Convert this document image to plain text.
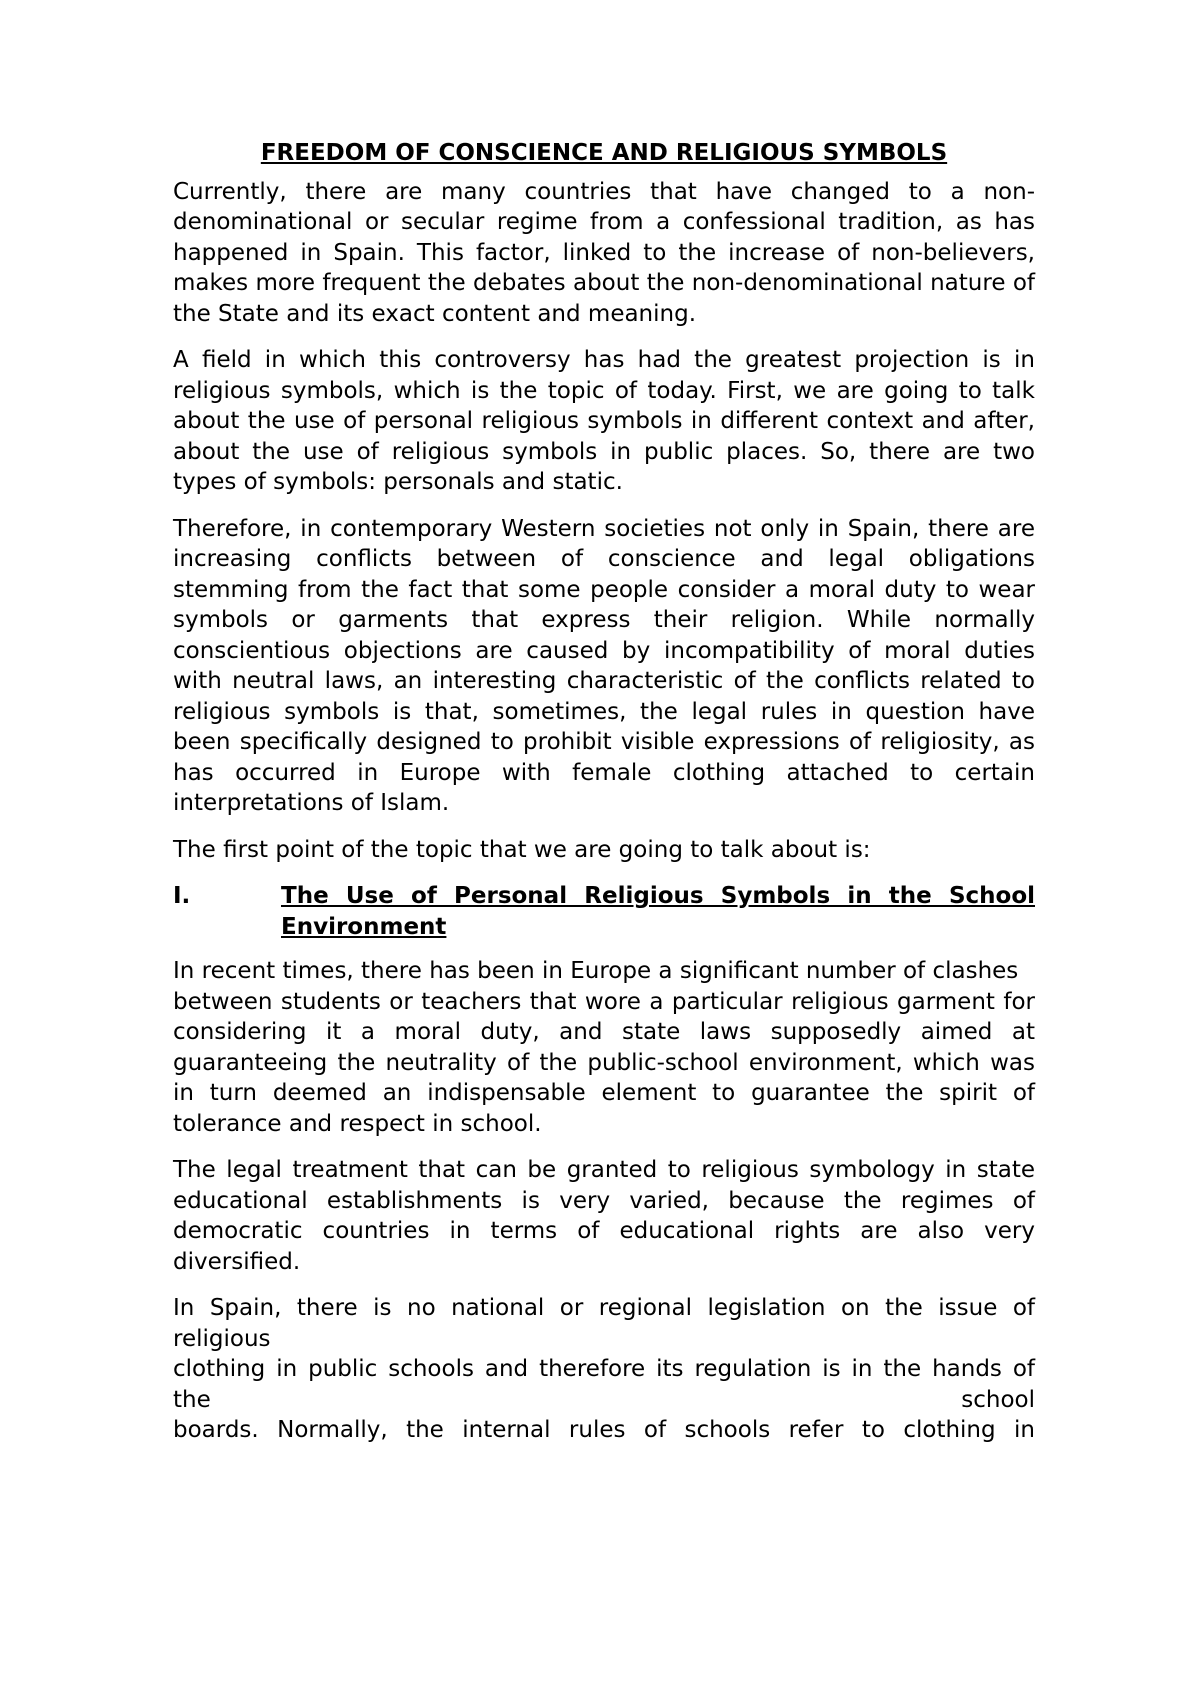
FREEDOM OF CONSCIENCE AND RELIGIOUS SYMBOLS

Currently, there are many countries that have changed to a non-denominational or secular regime from a confessional tradition, as has happened in Spain. This factor, linked to the increase of non-believers, makes more frequent the debates about the non-denominational nature of the State and its exact content and meaning.

A field in which this controversy has had the greatest projection is in religious symbols, which is the topic of today. First, we are going to talk about the use of personal religious symbols in different context and after, about the use of religious symbols in public places. So, there are two types of symbols: personals and static.

Therefore, in contemporary Western societies not only in Spain, there are increasing conflicts between of conscience and legal obligations stemming from the fact that some people consider a moral duty to wear symbols or garments that express their religion. While normally conscientious objections are caused by incompatibility of moral duties with neutral laws, an interesting characteristic of the conflicts related to religious symbols is that, sometimes, the legal rules in question have been specifically designed to prohibit visible expressions of religiosity, as has occurred in Europe with female clothing attached to certain interpretations of Islam.

The first point of the topic that we are going to talk about is:

I.	The Use of Personal Religious Symbols in the School Environment

In recent times, there has been in Europe a significant number of clashes

between students or teachers that wore a particular religious garment for considering it a moral duty, and state laws supposedly aimed at guaranteeing the neutrality of the public-school environment, which was in turn deemed an indispensable element to guarantee the spirit of tolerance and respect in school.

The legal treatment that can be granted to religious symbology in state educational establishments is very varied, because the regimes of democratic countries in terms of educational rights are also very diversified.

In Spain, there is no national or regional legislation on the issue of religious

clothing in public schools and therefore its regulation is in the hands of the school

boards. Normally, the internal rules of schools refer to clothing in
